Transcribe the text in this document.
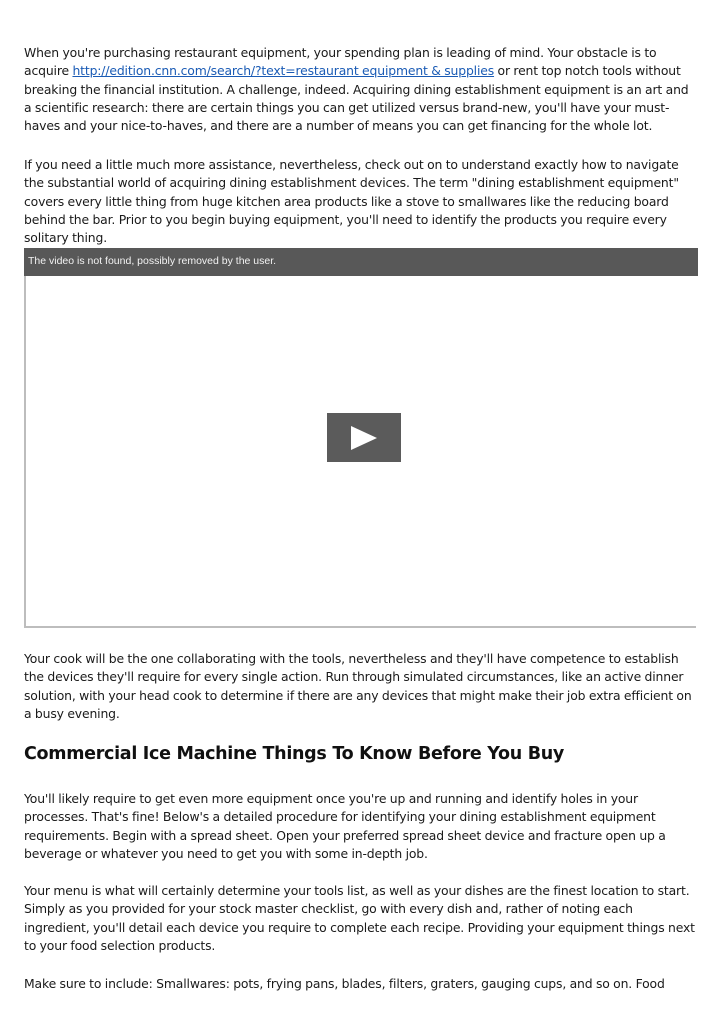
When you're purchasing restaurant equipment, your spending plan is leading of mind. Your obstacle is to acquire http://edition.cnn.com/search/?text=restaurant equipment & supplies or rent top notch tools without breaking the financial institution. A challenge, indeed. Acquiring dining establishment equipment is an art and a scientific research: there are certain things you can get utilized versus brand-new, you'll have your must-haves and your nice-to-haves, and there are a number of means you can get financing for the whole lot.

If you need a little much more assistance, nevertheless, check out on to understand exactly how to navigate the substantial world of acquiring dining establishment devices. The term "dining establishment equipment" covers every little thing from huge kitchen area products like a stove to smallwares like the reducing board behind the bar. Prior to you begin buying equipment, you'll need to identify the products you require every solitary thing.

Your cook will be the one collaborating with the tools, nevertheless and they'll have competence to establish the devices they'll require for every single action. Run through simulated circumstances, like an active dinner solution, with your head cook to determine if there are any devices that might make their job extra efficient on a busy evening.

Commercial Ice Machine Things To Know Before You Buy

You'll likely require to get even more equipment once you're up and running and identify holes in your processes. That's fine! Below's a detailed procedure for identifying your dining establishment equipment requirements. Begin with a spread sheet. Open your preferred spread sheet device and fracture open up a beverage or whatever you need to get you with some in-depth job.

Your menu is what will certainly determine your tools list, as well as your dishes are the finest location to start. Simply as you provided for your stock master checklist, go with every dish and, rather of noting each ingredient, you'll detail each device you require to complete each recipe. Providing your equipment things next to your food selection products.

Make sure to include: Smallwares: pots, frying pans, blades, filters, graters, gauging cups, and so on. Food

The video is not found, possibly removed by the user.
